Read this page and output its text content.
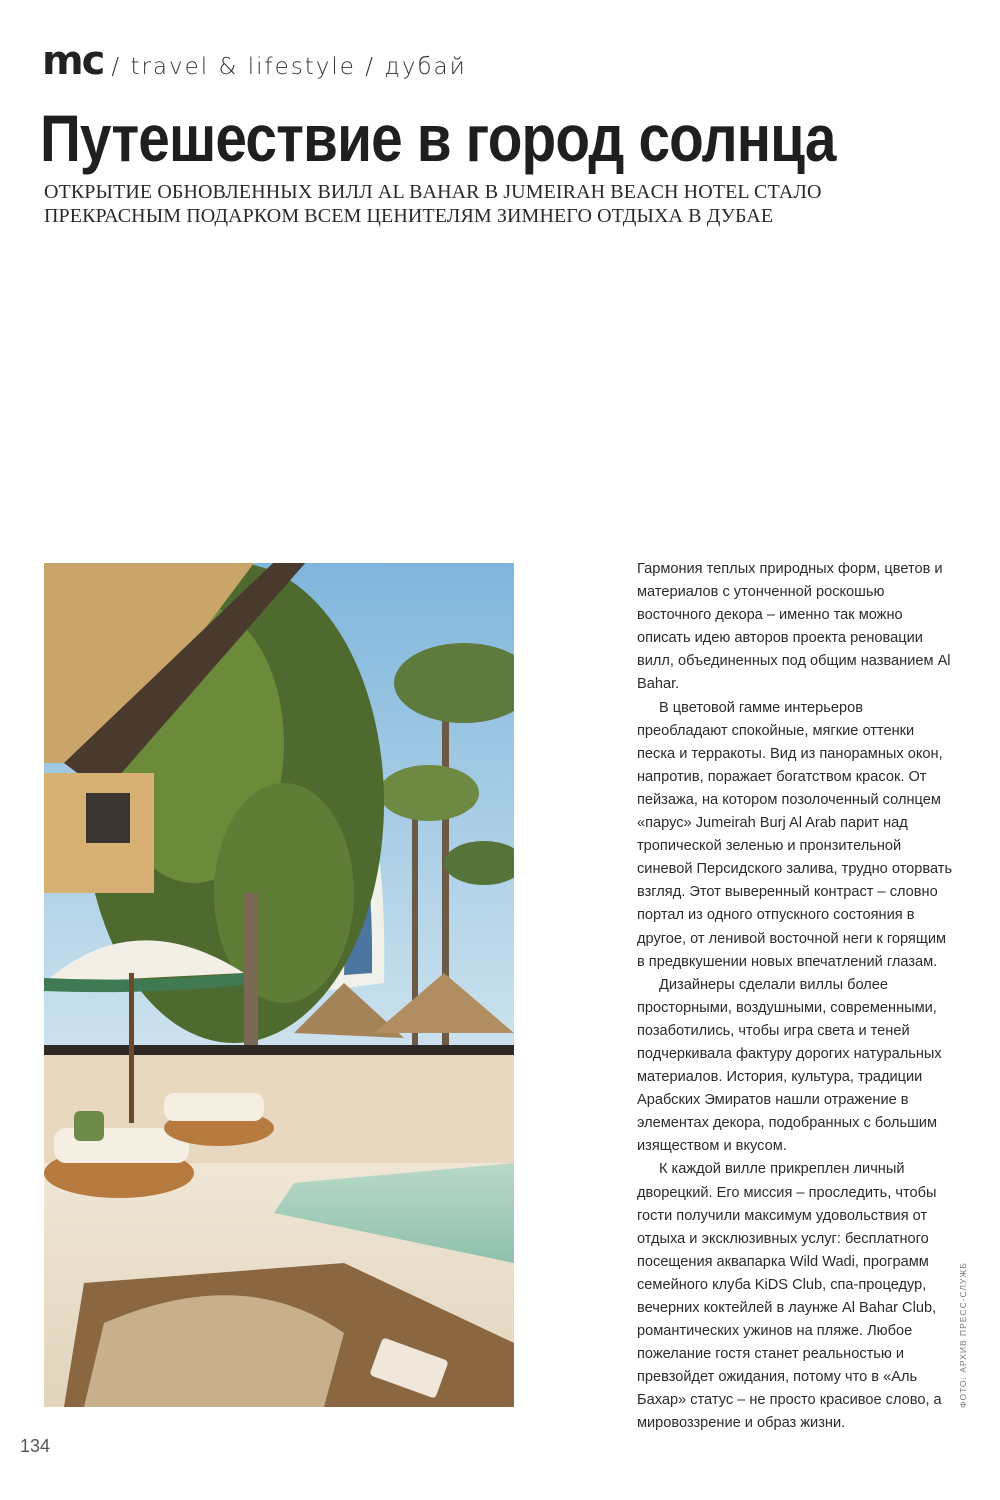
mc / travel & lifestyle / дубай
Путешествие в город солнца

ОТКРЫТИЕ ОБНОВЛЕННЫХ ВИЛЛ AL BAHAR В JUMEIRAH BEACH HOTEL СТАЛО ПРЕКРАСНЫМ ПОДАРКОМ ВСЕМ ЦЕНИТЕЛЯМ ЗИМНЕГО ОТДЫХА В ДУБАЕ

Гармония теплых природных форм, цветов и материалов с утонченной роскошью восточного декора – именно так можно описать идею авторов проекта реновации вилл, объединенных под общим названием Al Bahar.

В цветовой гамме интерьеров преобладают спокойные, мягкие оттенки песка и терракоты. Вид из панорамных окон, напротив, поражает богатством красок. От пейзажа, на котором позолоченный солнцем «парус» Jumeirah Burj Al Arab парит над тропической зеленью и пронзительной синевой Персидского залива, трудно оторвать взгляд. Этот выверенный контраст – словно портал из одного отпускного состояния в другое, от ленивой восточной неги к горящим в предвкушении новых впечатлений глазам.

Дизайнеры сделали виллы более просторными, воздушными, современными, позаботились, чтобы игра света и теней подчеркивала фактуру дорогих натуральных материалов. История, культура, традиции Арабских Эмиратов нашли отражение в элементах декора, подобранных с большим изяществом и вкусом.

К каждой вилле прикреплен личный дворецкий. Его миссия – проследить, чтобы гости получили максимум удовольствия от отдыха и эксклюзивных услуг: бесплатного посещения аквапарка Wild Wadi, программ семейного клуба KiDS Club, спа-процедур, вечерних коктейлей в лаунже Al Bahar Club, романтических ужинов на пляже. Любое пожелание гостя станет реальностью и превзойдет ожидания, потому что в «Аль Бахар» статус – не просто красивое слово, а мировоззрение и образ жизни.

ФОТО: АРХИВ ПРЕСС-СЛУЖБ
134
